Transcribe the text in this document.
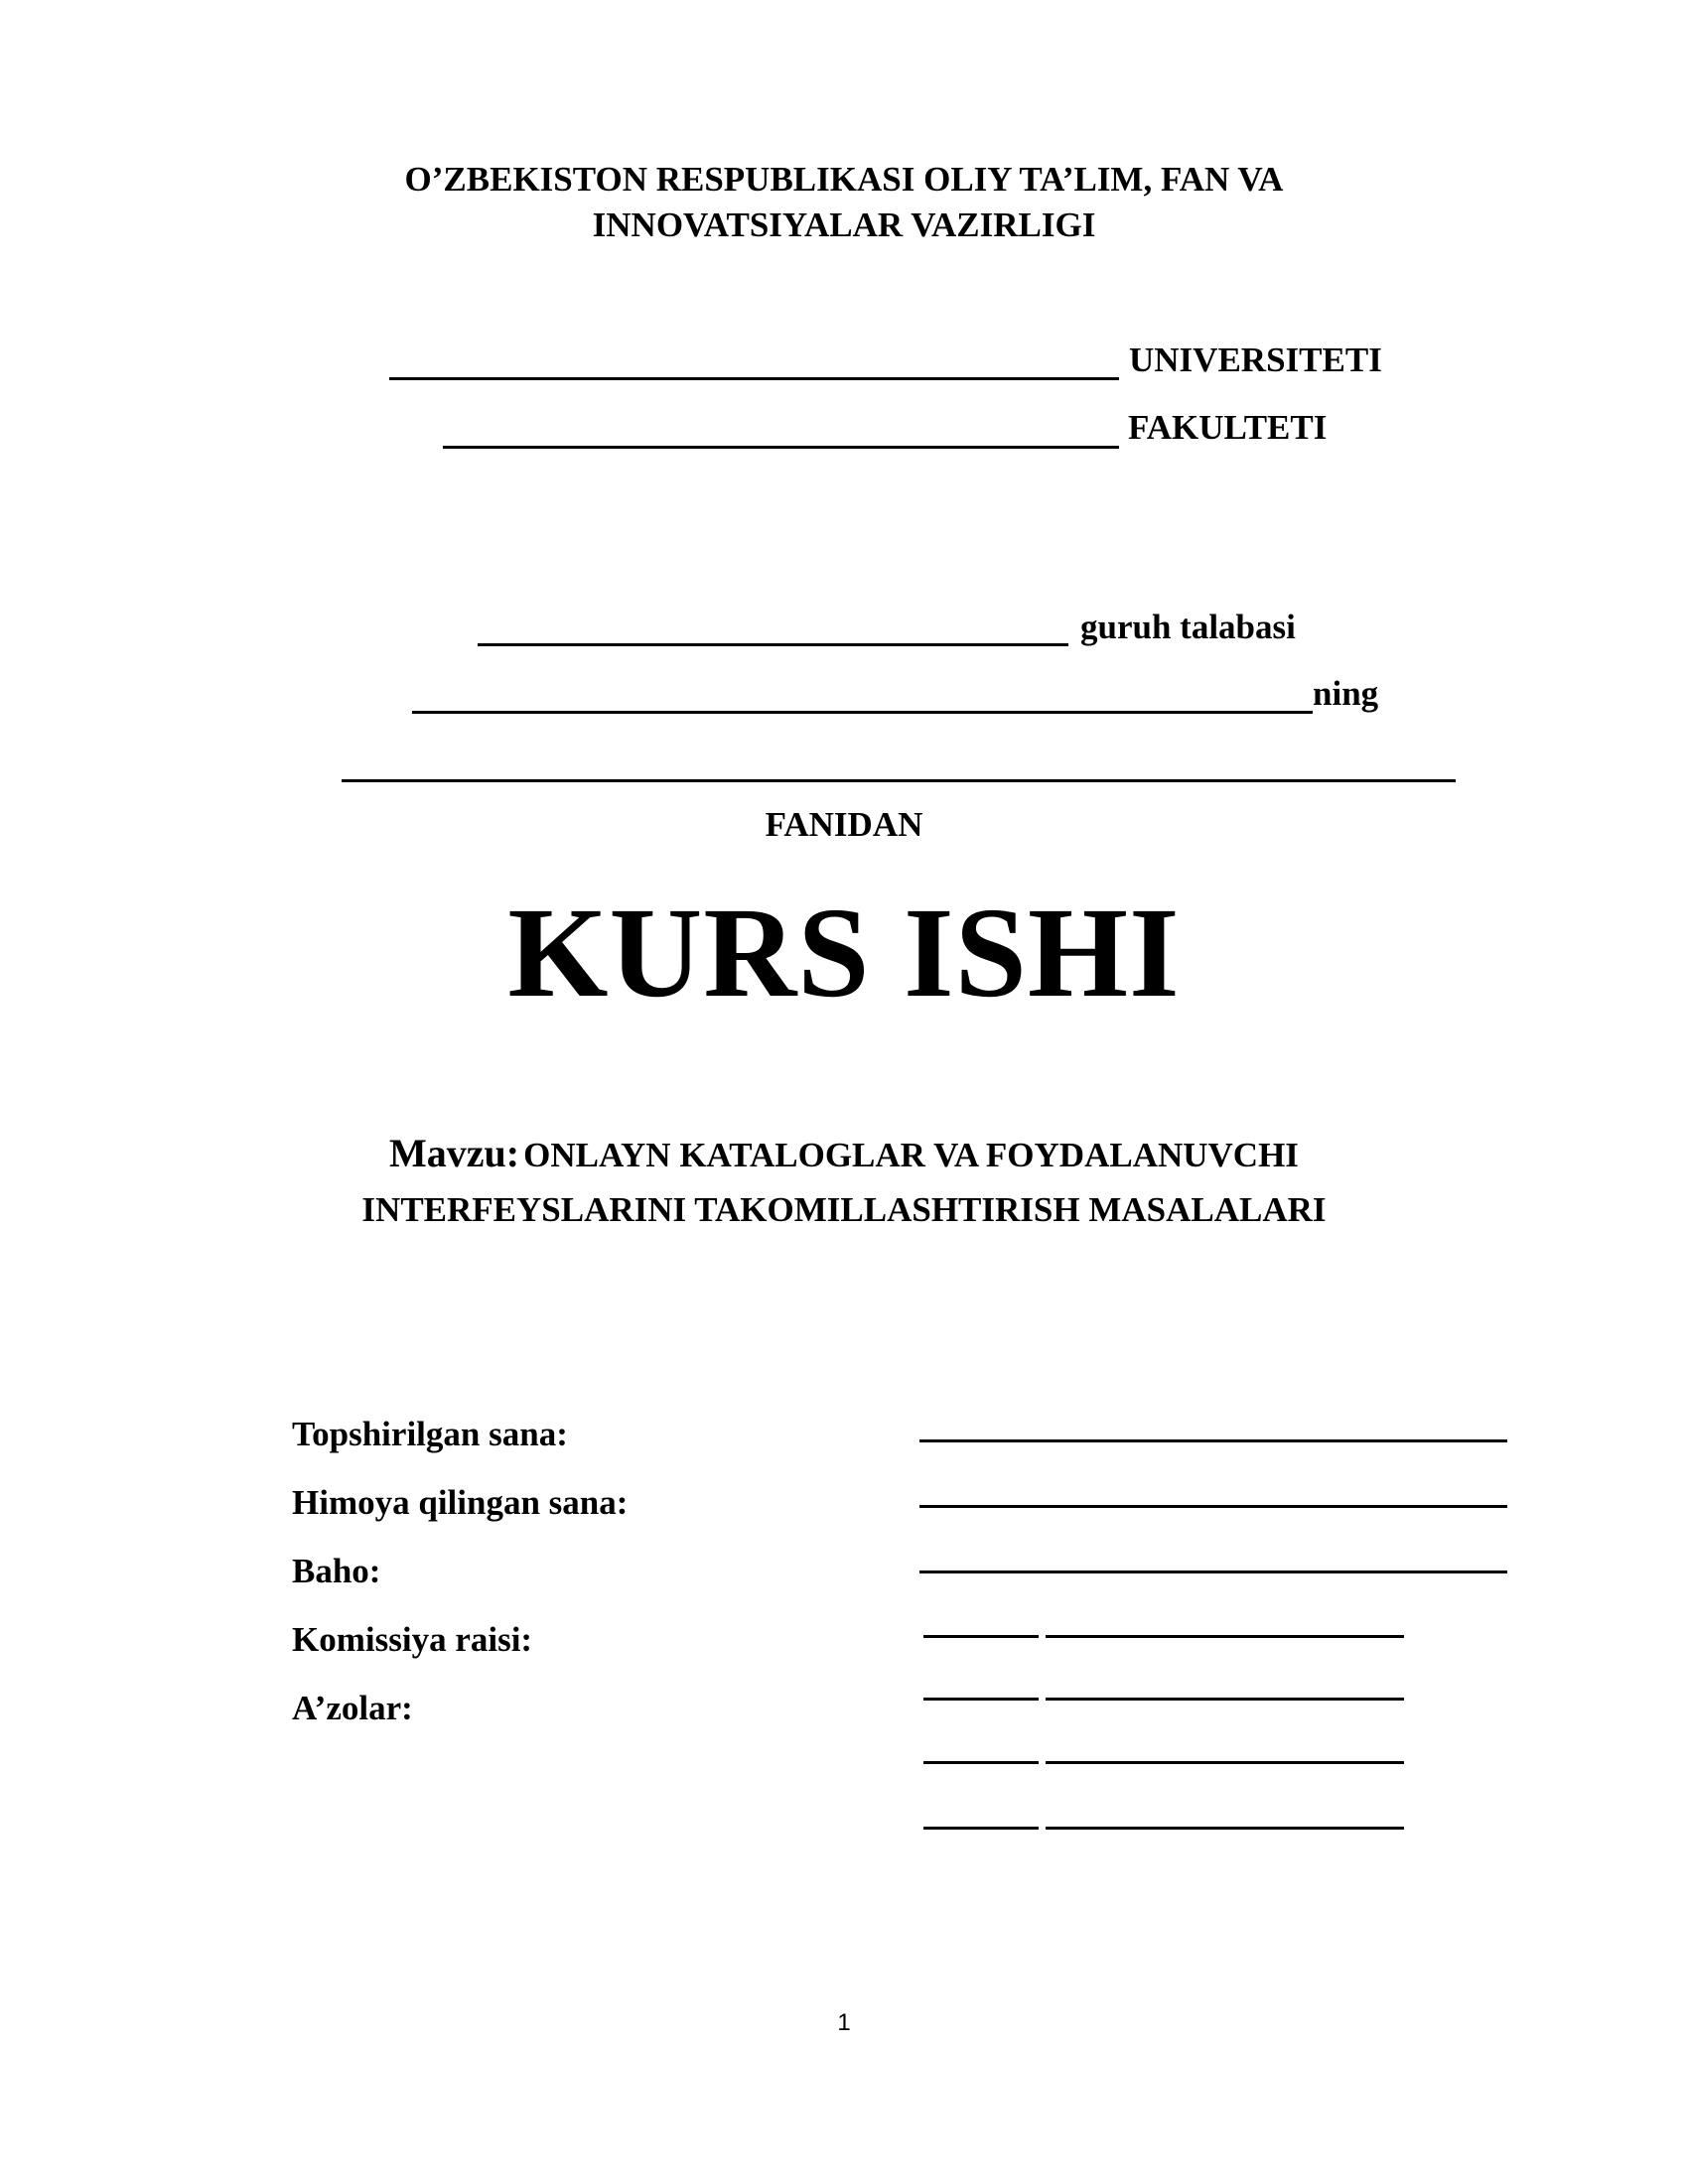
O’ZBEKISTON RESPUBLIKASI OLIY TA’LIM, FAN VA
INNOVATSIYALAR VAZIRLIGI
UNIVERSITETI
FAKULTETI
guruh talabasi
ning
FANIDAN
KURS ISHI
Mavzu: ONLAYN KATALOGLAR VA FOYDALANUVCHI
INTERFEYSLARINI TAKOMILLASHTIRISH MASALALARI
Topshirilgan sana:
Himoya qilingan sana:
Baho:
Komissiya raisi:
A’zolar:
1
